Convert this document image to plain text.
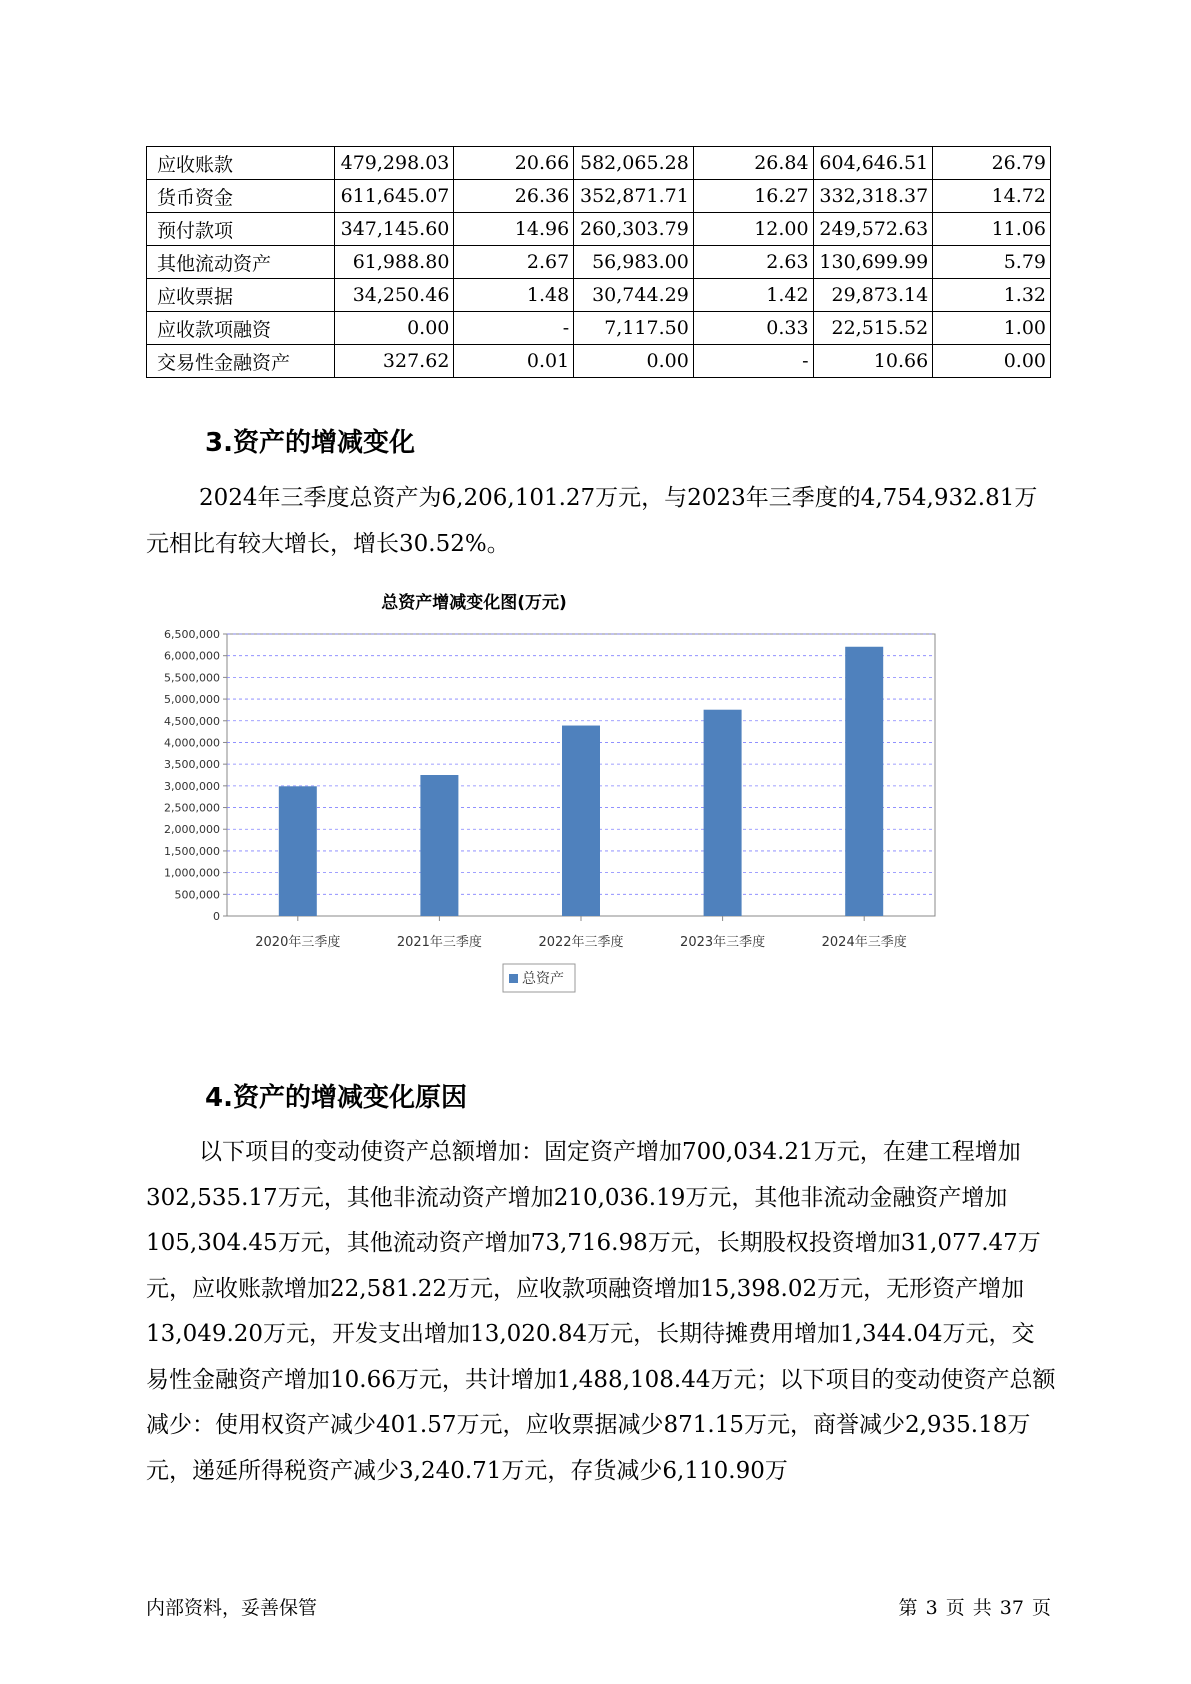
应收账款	479,298.03	20.66	582,065.28	26.84	604,646.51	26.79
货币资金	611,645.07	26.36	352,871.71	16.27	332,318.37	14.72
预付款项	347,145.60	14.96	260,303.79	12.00	249,572.63	11.06
其他流动资产	61,988.80	2.67	56,983.00	2.63	130,699.99	5.79
应收票据	34,250.46	1.48	30,744.29	1.42	29,873.14	1.32
应收款项融资	0.00	-	7,117.50	0.33	22,515.52	1.00
交易性金融资产	327.62	0.01	0.00	-	10.66	0.00
3.资产的增减变化

2024年三季度总资产为6,206,101.27万元，与2023年三季度的4,754,932.81万元相比有较大增长，增长30.52%。

总资产增减变化图(万元)
0
500,000
1,000,000
1,500,000
2,000,000
2,500,000
3,000,000
3,500,000
4,000,000
4,500,000
5,000,000
5,500,000
6,000,000
6,500,000
2020年三季度	2021年三季度	2022年三季度	2023年三季度	2024年三季度
总资产
4.资产的增减变化原因

以下项目的变动使资产总额增加：固定资产增加700,034.21万元，在建工程增加302,535.17万元，其他非流动资产增加210,036.19万元，其他非流动金融资产增加105,304.45万元，其他流动资产增加73,716.98万元，长期股权投资增加31,077.47万元，应收账款增加22,581.22万元，应收款项融资增加15,398.02万元，无形资产增加13,049.20万元，开发支出增加13,020.84万元，长期待摊费用增加1,344.04万元，交易性金融资产增加10.66万元，共计增加1,488,108.44万元；以下项目的变动使资产总额减少：使用权资产减少401.57万元，应收票据减少871.15万元，商誉减少2,935.18万元，递延所得税资产减少3,240.71万元，存货减少6,110.90万

内部资料，妥善保管	第 3 页 共 37 页
